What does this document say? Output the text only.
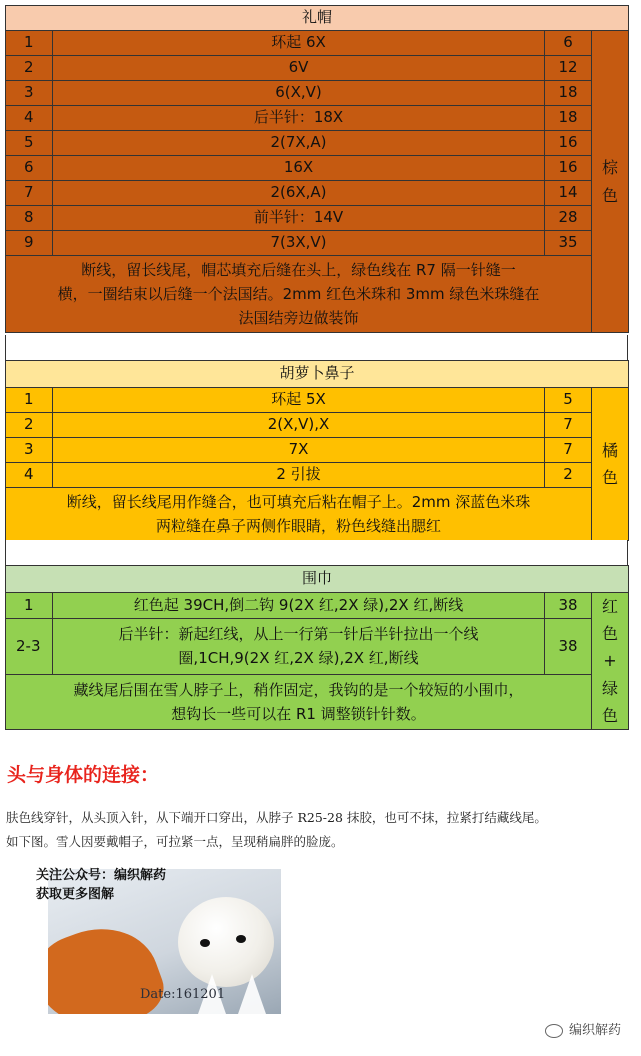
礼帽			
1	环起 6X	6	棕
色
2	6V	12	
3	6(X,V)	18	
4	后半针：18X	18	
5	2(7X,A)	16	
6	16X	16	
7	2(6X,A)	14	
8	前半针：14V	28	
9	7(3X,V)	35	
断线，留长线尾，帽芯填充后缝在头上，绿色线在 R7 隔一针缝一
横，一圈结束以后缝一个法国结。2mm 红色米珠和 3mm 绿色米珠缝在
法国结旁边做装饰			
胡萝卜鼻子			
1	环起 5X	5	橘
色
2	2(X,V),X	7	
3	7X	7	
4	2 引拔	2	
断线，留长线尾用作缝合，也可填充后粘在帽子上。2mm 深蓝色米珠
两粒缝在鼻子两侧作眼睛，粉色线缝出腮红			
围巾			
1	红色起 39CH,倒二钩 9(2X 红,2X 绿),2X 红,断线	38	红
色
+
绿
色
2-3	后半针：新起红线，从上一行第一针后半针拉出一个线
圈,1CH,9(2X 红,2X 绿),2X 红,断线	38	
藏线尾后围在雪人脖子上，稍作固定，我钩的是一个较短的小围巾，
想钩长一些可以在 R1 调整锁针针数。			
头与身体的连接：

肤色线穿针，从头顶入针，从下端开口穿出，从脖子 R25-28 抹胶，也可不抹，拉紧打结藏线尾。
如下图。雪人因要戴帽子，可拉紧一点，呈现稍扁胖的脸庞。

Date:161201

关注公众号：编织解药
获取更多图解

编织解药
